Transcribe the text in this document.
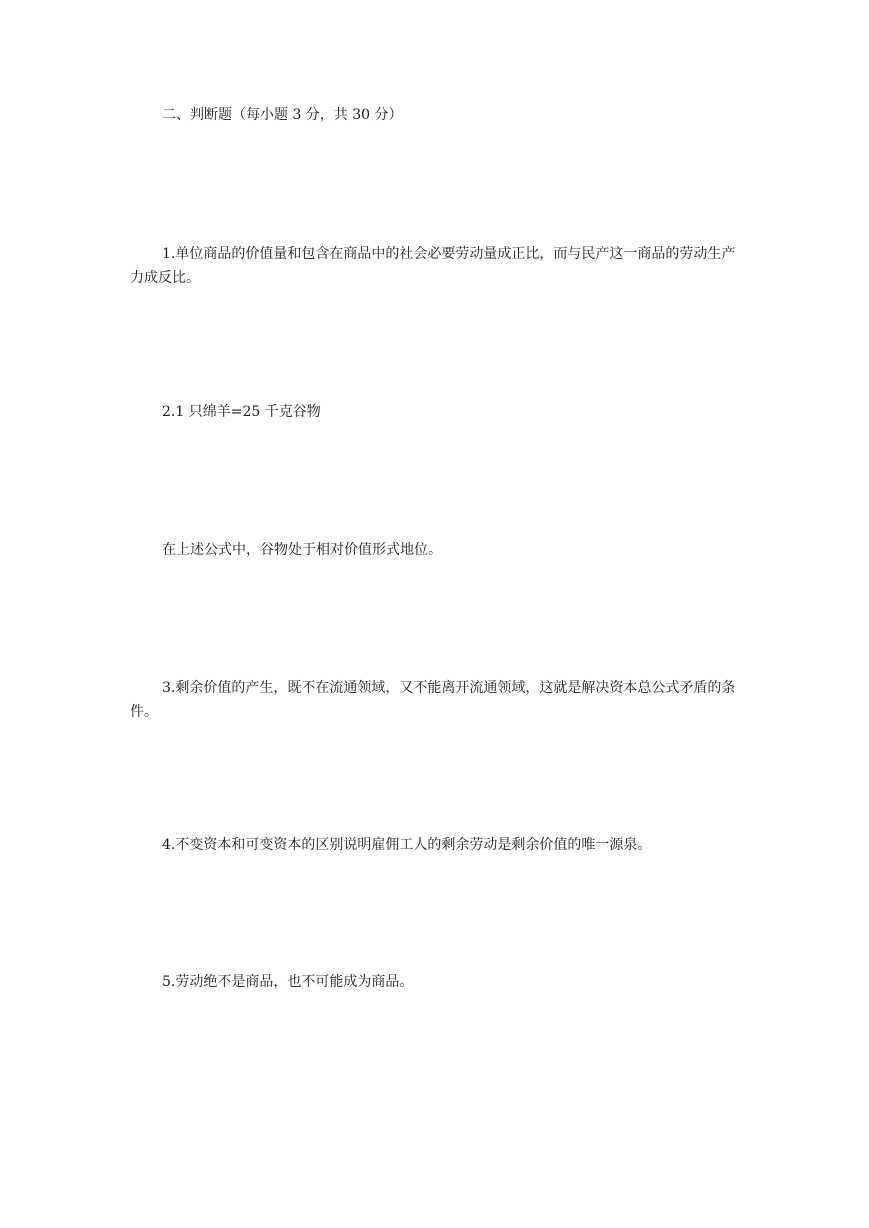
二、判断题（每小题 3 分，共 30 分）

1.单位商品的价值量和包含在商品中的社会必要劳动量成正比，而与民产这一商品的劳动生产力成反比。

2.1 只绵羊=25 千克谷物

在上述公式中，谷物处于相对价值形式地位。

3.剩余价值的产生，既不在流通领域，又不能离开流通领域，这就是解决资本总公式矛盾的条件。

4.不变资本和可变资本的区别说明雇佣工人的剩余劳动是剩余价值的唯一源泉。

5.劳动绝不是商品，也不可能成为商品。
